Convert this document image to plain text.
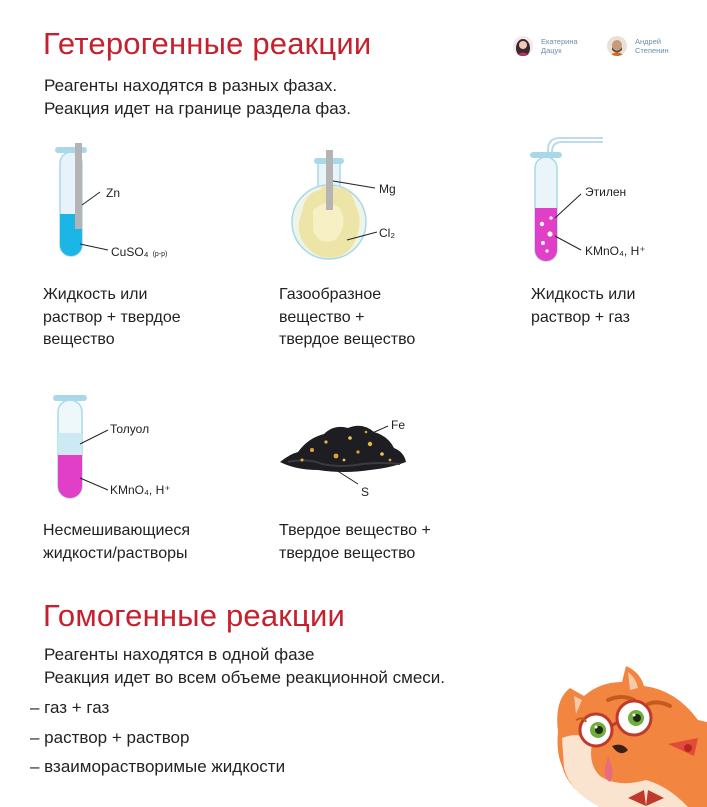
Гетерогенные реакции	Екатерина
Дацук
Андрей
Степенин
Реагенты находятся в разных фазах.
Реакция идет на границе раздела фаз.
Zn
CuSO₄ (р-р)
Жидкость или
раствор + твердое
вещество
Mg
Cl₂
Газообразное
вещество +
твердое вещество
Этилен
KMnO₄, H⁺
Жидкость или
раствор + газ
Толуол
KMnO₄, H⁺
Несмешивающиеся
жидкости/растворы
Fe
S
Твердое вещество +
твердое вещество
Гомогенные реакции
Реагенты находятся в одной фазе
Реакция идет во всем объеме реакционной смеси.
– газ + газ
– раствор + раствор
– взаиморастворимые жидкости
